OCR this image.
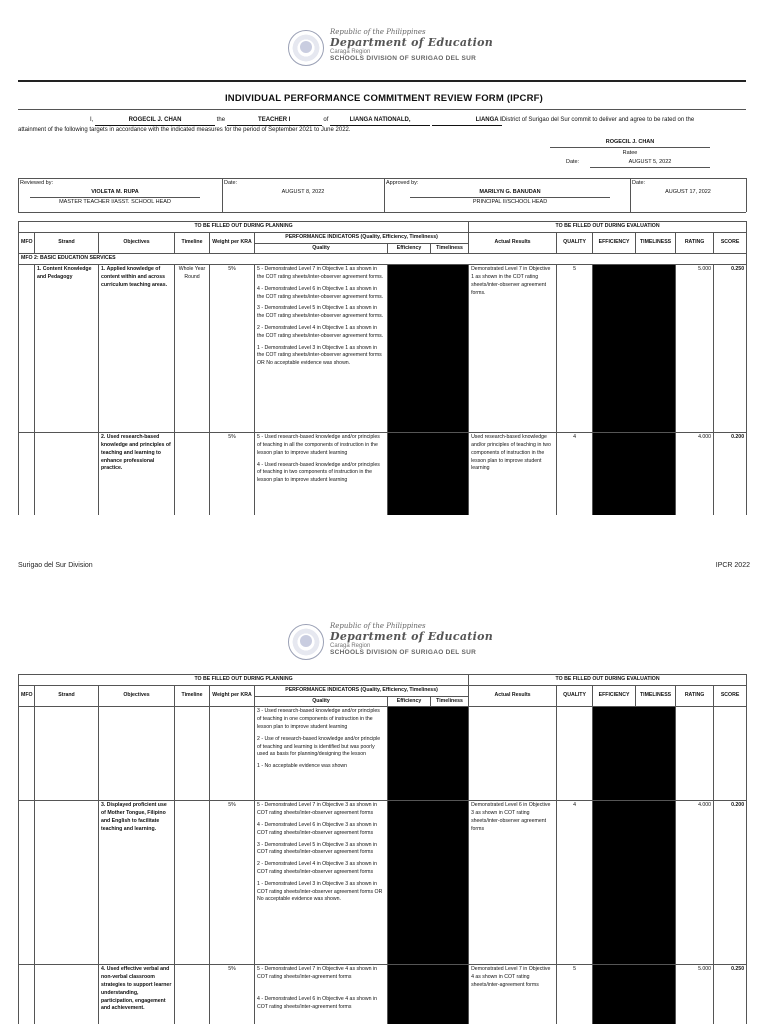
Republic of the Philippines
Department of Education
Caraga Region
SCHOOLS DIVISION OF SURIGAO DEL SUR
INDIVIDUAL PERFORMANCE COMMITMENT REVIEW FORM (IPCRF)
I,	ROGECIL J. CHAN	the	TEACHER I	of	LIANGA NATIONALD,	LIANGA IDistrict of Surigao del Sur commit to deliver and agree to be rated on the
attainment of the following targets in accordance with the indicated measures for the period of September 2021 to June 2022.
ROGECIL J. CHAN
Ratee
Date:	AUGUST 5, 2022
Reviewed by:
VIOLETA M. RUPA
MASTER TEACHER I/ASST. SCHOOL HEAD
Date:
AUGUST 8, 2022
Approved by:
MARILYN G. BANUDAN
PRINCIPAL II/SCHOOL HEAD
Date:
AUGUST 17, 2022
TO BE FILLED OUT DURING PLANNING								TO BE FILLED OUT DURING EVALUATION					
MFO	Strand	Objectives	Timeline	Weight per KRA	PERFORMANCE INDICATORS (Quality, Efficiency, Timeliness)			Actual Results	QUALITY	EFFICIENCY	TIMELINESS	RATING	SCORE
					Quality	Efficiency	Timeliness						
MFO 2: BASIC EDUCATION SERVICES													
	1. Content Knowledge and Pedagogy	1. Applied knowledge of content within and across curriculum teaching areas.	Whole Year Round	5%	5 - Demonstrated Level 7 in Objective 1 as shown in the COT rating sheets/inter-observer agreement forms.
4 - Demonstrated Level 6 in Objective 1 as shown in the COT rating sheets/inter-observer agreement forms.
3 - Demonstrated Level 5 in Objective 1 as shown in the COT rating sheets/inter-observer agreement forms.
2 - Demonstrated Level 4 in Objective 1 as shown in the COT rating sheets/inter-observer agreement forms.
1 - Demonstrated Level 3 in Objective 1 as shown in the COT rating sheets/inter-observer agreement forms OR No acceptable evidence was shown.			Demonstrated Level 7 in Objective 1 as shown in the COT rating sheets/inter-observer agreement forms.	5			5.000	0.250
		2. Used research-based knowledge and principles of teaching and learning to enhance professional practice.		5%	5 - Used research-based knowledge and/or principles of teaching in all the components of instruction in the lesson plan to improve student learning
4 - Used research-based knowledge and/or principles of teaching in two components of instruction in the lesson plan to improve student learning			Used research-based knowledge and/or principles of teaching in two components of instruction in the lesson plan to improve student learning	4			4.000	0.200
Surigao del Sur Division	IPCR 2022
Republic of the Philippines
Department of Education
Caraga Region
SCHOOLS DIVISION OF SURIGAO DEL SUR
TO BE FILLED OUT DURING PLANNING								TO BE FILLED OUT DURING EVALUATION					
MFO	Strand	Objectives	Timeline	Weight per KRA	PERFORMANCE INDICATORS (Quality, Efficiency, Timeliness)			Actual Results	QUALITY	EFFICIENCY	TIMELINESS	RATING	SCORE
					Quality	Efficiency	Timeliness						

					3 - Used research-based knowledge and/or principles of teaching in one components of instruction in the lesson plan to improve student learning
2 - Use of research-based knowledge and/or principle of teaching and learning is identified but was poorly used as basis for planning/designing the lesson
1 - No acceptable evidence was shown								

		3. Displayed proficient use of Mother Tongue, Filipino and English to facilitate teaching and learning.		5%	5 - Demonstrated Level 7 in Objective 3 as shown in COT rating sheets/inter-observer agreement forms
4 - Demonstrated Level 6 in Objective 3 as shown in COT rating sheets/inter-observer agreement forms
3 - Demonstrated Level 5 in Objective 3 as shown in COT rating sheets/inter-observer agreement forms
2 - Demonstrated Level 4 in Objective 3 as shown in COT rating sheets/inter-observer agreement forms
1 - Demonstrated Level 3 in Objective 3 as shown in COT rating sheets/inter-observer agreement forms OR No acceptable evidence was shown.			Demonstrated Level 6 in Objective 3 as shown in COT rating sheets/inter-observer agreement forms	4			4.000	0.200
		4. Used effective verbal and non-verbal classroom strategies to support learner understanding, participation, engagement and achievement.		5%	5 - Demonstrated Level 7 in Objective 4 as shown in COT rating sheets/inter-agreement forms
4 - Demonstrated Level 6 in Objective 4 as shown in COT rating sheets/inter-agreement forms			Demonstrated Level 7 in Objective 4 as shown in COT rating sheets/inter-agreement forms	5			5.000	0.250
